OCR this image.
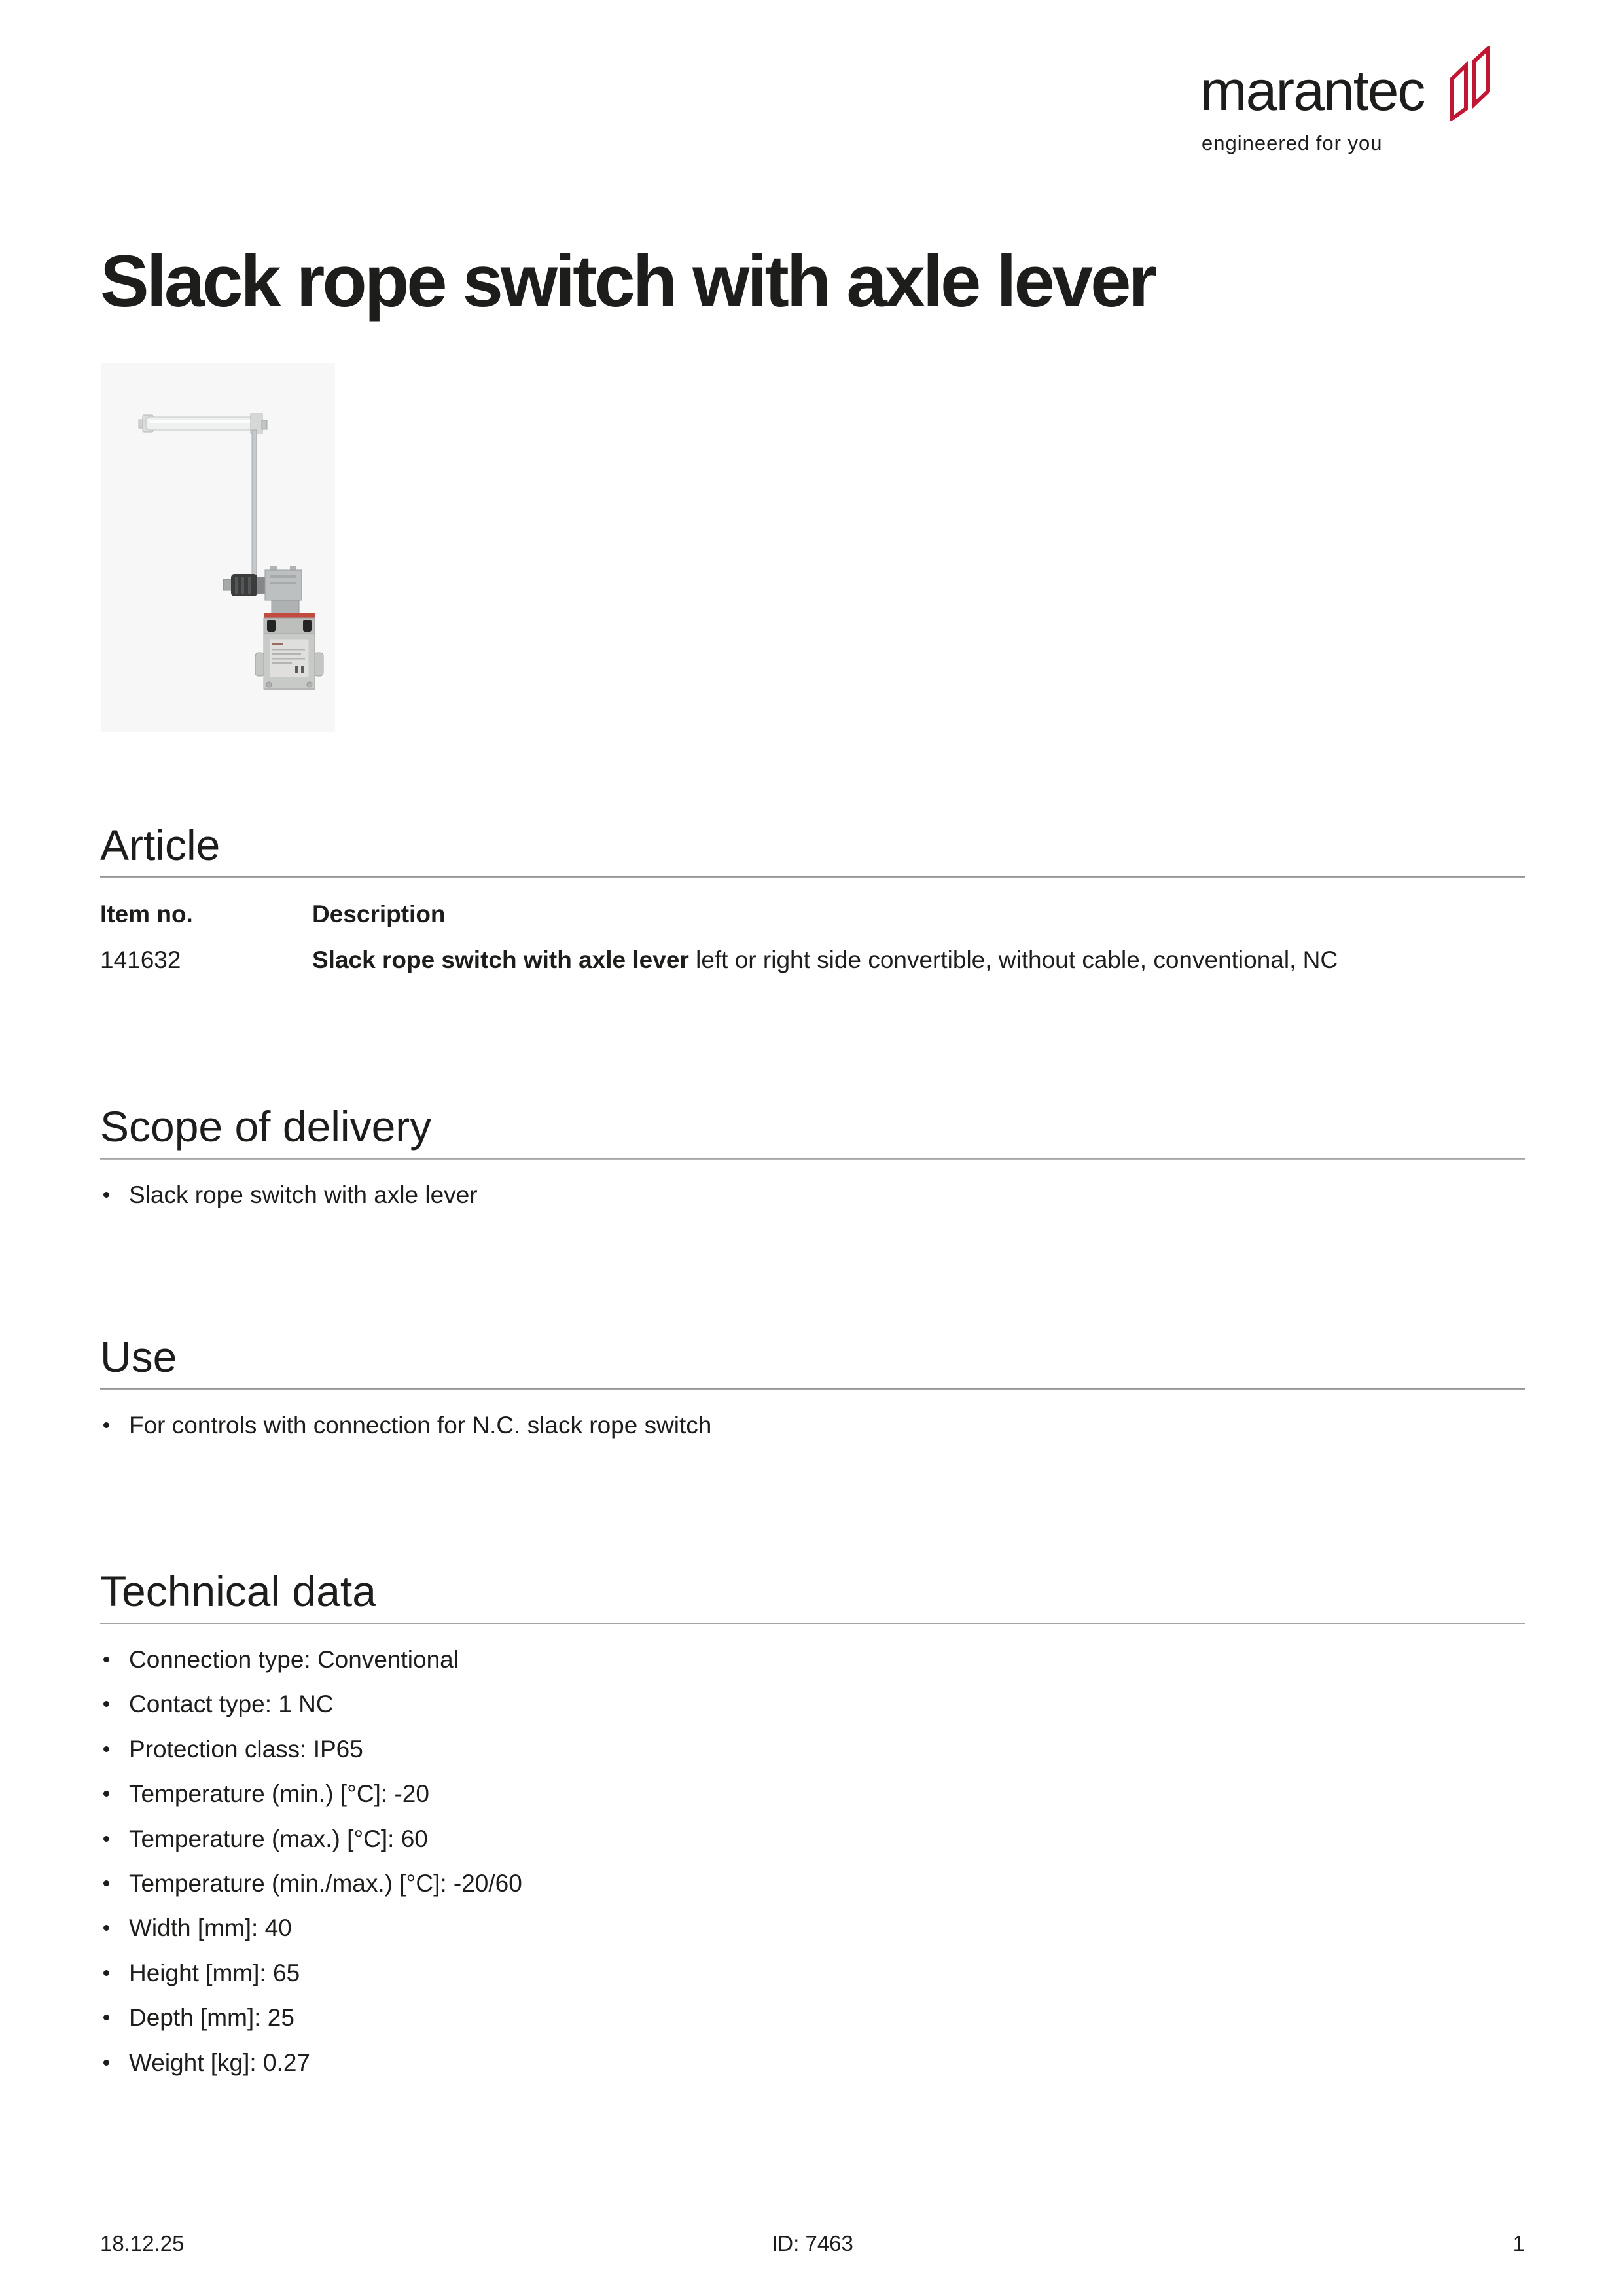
marantec
engineered for you
Slack rope switch with axle lever
Article
Item no.	Description
141632	Slack rope switch with axle lever left or right side convertible, without cable, conventional, NC
Scope of delivery
Slack rope switch with axle lever
Use
For controls with connection for N.C. slack rope switch
Technical data
Connection type: Conventional
Contact type: 1 NC
Protection class: IP65
Temperature (min.) [°C]: -20
Temperature (max.) [°C]: 60
Temperature (min./max.) [°C]: -20/60
Width [mm]: 40
Height [mm]: 65
Depth [mm]: 25
Weight [kg]: 0.27
18.12.25	ID: 7463	1
